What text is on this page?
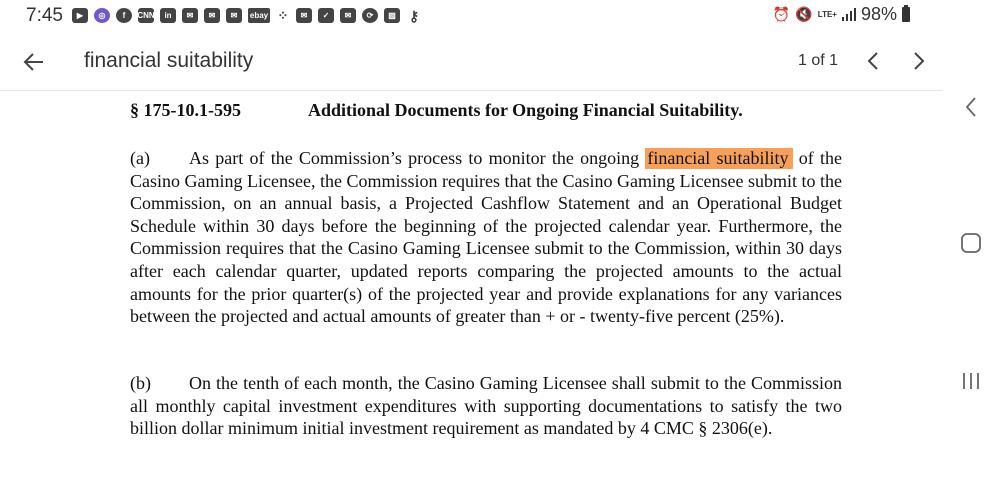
7:45	▶	◎	f	CNN	in	✉	✉	✉	ebay ⁘	✉	✓	✉	⟳	▨ ⚷	⏰ 🔇 LTE+ 98%
financial suitability
1 of 1
§ 175-10.1-595	Additional Documents for Ongoing Financial Suitability.
(a) As part of the Commission’s process to monitor the ongoing financial suitability of the Casino Gaming Licensee, the Commission requires that the Casino Gaming Licensee submit to the Commission, on an annual basis, a Projected Cashflow Statement and an Operational Budget Schedule within 30 days before the beginning of the projected calendar year. Furthermore, the Commission requires that the Casino Gaming Licensee submit to the Commission, within 30 days after each calendar quarter, updated reports comparing the projected amounts to the actual amounts for the prior quarter(s) of the projected year and provide explanations for any variances between the projected and actual amounts of greater than + or - twenty-five percent (25%).
(b) On the tenth of each month, the Casino Gaming Licensee shall submit to the Commission all monthly capital investment expenditures with supporting documentations to satisfy the two billion dollar minimum initial investment requirement as mandated by 4 CMC § 2306(e).
